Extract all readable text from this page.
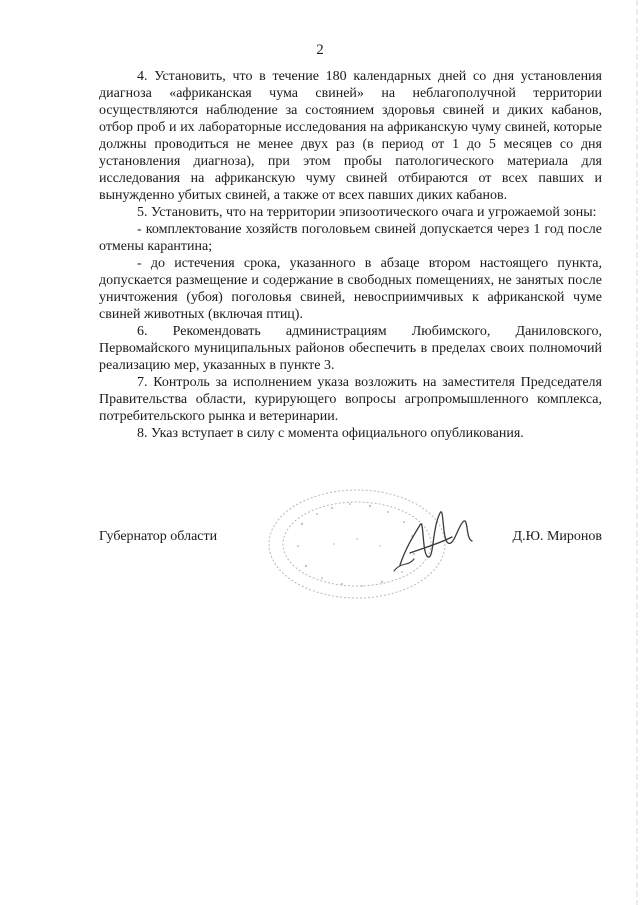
2

4. Установить, что в течение 180 календарных дней со дня установления диагноза «африканская чума свиней» на неблагополучной территории осуществляются наблюдение за состоянием здоровья свиней и диких кабанов, отбор проб и их лабораторные исследования на африканскую чуму свиней, которые должны проводиться не менее двух раз (в период от 1 до 5 месяцев со дня установления диагноза), при этом пробы патологического материала для исследования на африканскую чуму свиней отбираются от всех павших и вынужденно убитых свиней, а также от всех павших диких кабанов.

5. Установить, что на территории эпизоотического очага и угрожаемой зоны:

- комплектование хозяйств поголовьем свиней допускается через 1 год после отмены карантина;

- до истечения срока, указанного в абзаце втором настоящего пункта, допускается размещение и содержание в свободных помещениях, не занятых после уничтожения (убоя) поголовья свиней, невосприимчивых к африканской чуме свиней животных (включая птиц).

6. Рекомендовать администрациям Любимского, Даниловского, Первомайского муниципальных районов обеспечить в пределах своих полномочий реализацию мер, указанных в пункте 3.

7. Контроль за исполнением указа возложить на заместителя Председателя Правительства области, курирующего вопросы агропромышленного комплекса, потребительского рынка и ветеринарии.

8. Указ вступает в силу с момента официального опубликования.

Губернатор области	Д.Ю. Миронов
